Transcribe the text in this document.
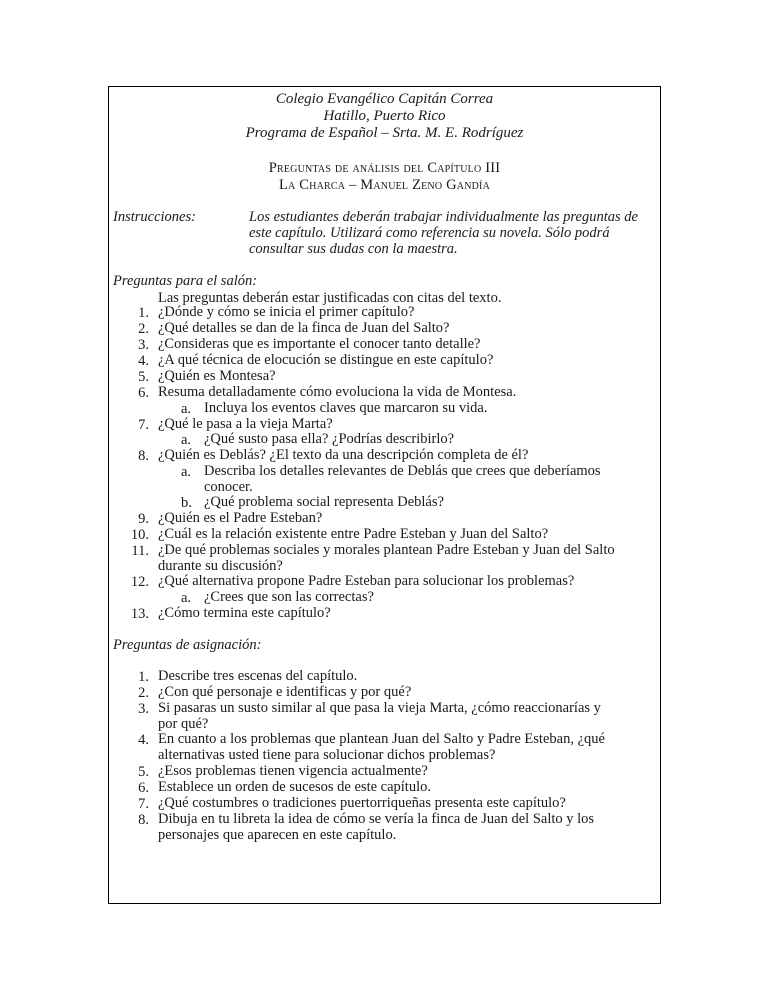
Colegio Evangélico Capitán Correa
Hatillo, Puerto Rico
Programa de Español – Srta. M. E. Rodríguez
Preguntas de análisis del Capítulo III
La Charca – Manuel Zeno Gandía
Instrucciones:	Los estudiantes deberán trabajar individualmente las preguntas de este capítulo. Utilizará como referencia su novela. Sólo podrá consultar sus dudas con la maestra.
Preguntas para el salón:
Las preguntas deberán estar justificadas con citas del texto.
1. ¿Dónde y cómo se inicia el primer capítulo?
2. ¿Qué detalles se dan de la finca de Juan del Salto?
3. ¿Consideras que es importante el conocer tanto detalle?
4. ¿A qué técnica de elocución se distingue en este capítulo?
5. ¿Quién es Montesa?
6. Resuma detalladamente cómo evoluciona la vida de Montesa.
a. Incluya los eventos claves que marcaron su vida.
7. ¿Qué le pasa a la vieja Marta?
a. ¿Qué susto pasa ella? ¿Podrías describirlo?
8. ¿Quién es Deblás? ¿El texto da una descripción completa de él?
a. Describa los detalles relevantes de Deblás que crees que deberíamos conocer.
b. ¿Qué problema social representa Deblás?
9. ¿Quién es el Padre Esteban?
10. ¿Cuál es la relación existente entre Padre Esteban y Juan del Salto?
11. ¿De qué problemas sociales y morales plantean Padre Esteban y Juan del Salto durante su discusión?
12. ¿Qué alternativa propone Padre Esteban para solucionar los problemas?
a. ¿Crees que son las correctas?
13. ¿Cómo termina este capítulo?
Preguntas de asignación:
1. Describe tres escenas del capítulo.
2. ¿Con qué personaje e identificas y por qué?
3. Si pasaras un susto similar al que pasa la vieja Marta, ¿cómo reaccionarías y por qué?
4. En cuanto a los problemas que plantean Juan del Salto y Padre Esteban, ¿qué alternativas usted tiene para solucionar dichos problemas?
5. ¿Esos problemas tienen vigencia actualmente?
6. Establece un orden de sucesos de este capítulo.
7. ¿Qué costumbres o tradiciones puertorriqueñas presenta este capítulo?
8. Dibuja en tu libreta la idea de cómo se vería la finca de Juan del Salto y los personajes que aparecen en este capítulo.
